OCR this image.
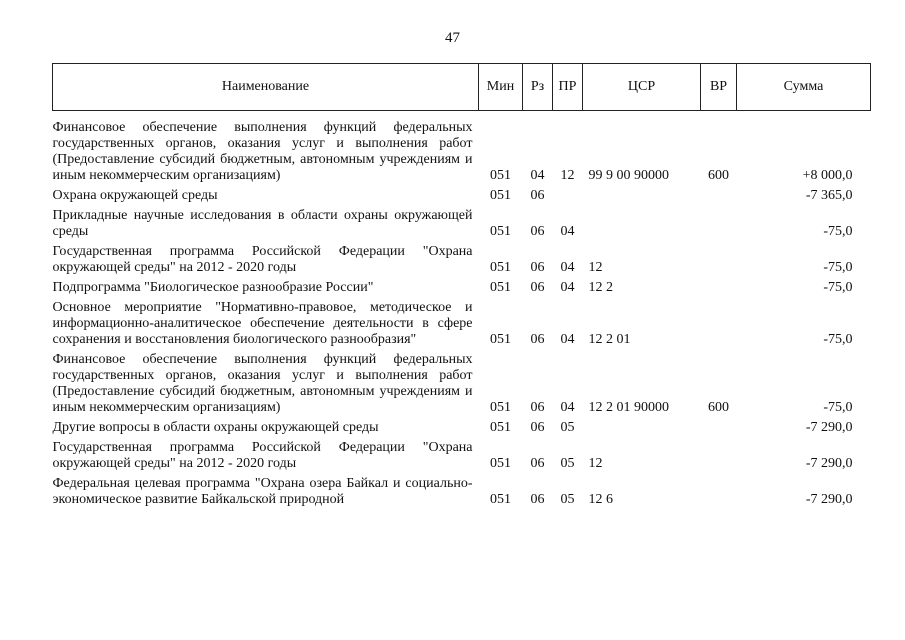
47
Наименование	Мин	Рз	ПР	ЦСР	ВР	Сумма

Финансовое обеспечение выполнения функций федеральных государственных органов, оказания услуг и выполнения работ (Предоставление субсидий бюджетным, автономным учреждениям и иным некоммерческим организациям)	051	04	12	99 9 00 90000	600	+8 000,0
Охрана окружающей среды	051	06				-7 365,0
Прикладные научные исследования в области охраны окружающей среды	051	06	04			-75,0
Государственная программа Российской Федерации "Охрана окружающей среды" на 2012 - 2020 годы	051	06	04	12		-75,0
Подпрограмма "Биологическое разнообразие России"	051	06	04	12 2		-75,0
Основное мероприятие "Нормативно-правовое, методическое и информационно-аналитическое обеспечение деятельности в сфере сохранения и восстановления биологического разнообразия"	051	06	04	12 2 01		-75,0
Финансовое обеспечение выполнения функций федеральных государственных органов, оказания услуг и выполнения работ (Предоставление субсидий бюджетным, автономным учреждениям и иным некоммерческим организациям)	051	06	04	12 2 01 90000	600	-75,0
Другие вопросы в области охраны окружающей среды	051	06	05			-7 290,0
Государственная программа Российской Федерации "Охрана окружающей среды" на 2012 - 2020 годы	051	06	05	12		-7 290,0
Федеральная целевая программа "Охрана озера Байкал и социально-экономическое развитие Байкальской природной	051	06	05	12 6		-7 290,0
